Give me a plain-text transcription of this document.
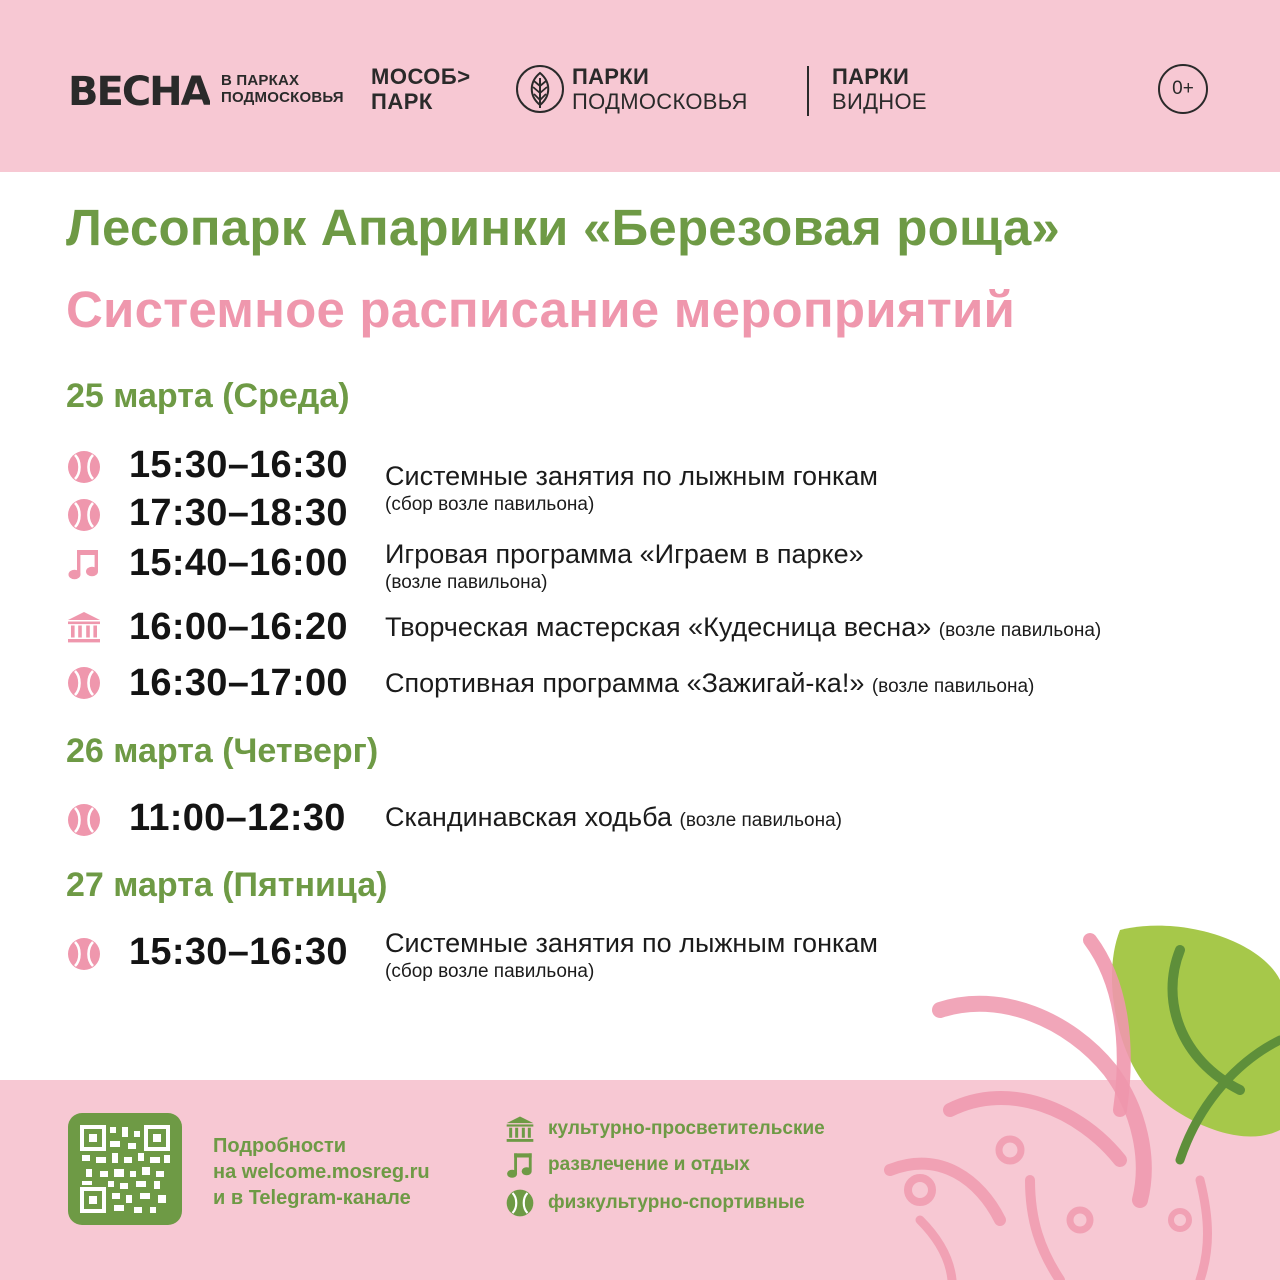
ВЕСНА В ПАРКАХ
ПОДМОСКОВЬЯ
МОСОБ>
ПАРК
ПАРКИ
ПОДМОСКОВЬЯ
ПАРКИ
ВИДНОЕ
0+
Лесопарк Апаринки «Березовая роща»
Системное расписание мероприятий
25 марта (Среда)
15:30–16:30
17:30–18:30
Системные занятия по лыжным гонкам
(сбор возле павильона)
15:40–16:00 Игровая программа «Играем в парке»
(возле павильона)
16:00–16:20 Творческая мастерская «Кудесница весна» (возле павильона)
16:30–17:00 Спортивная программа «Зажигай-ка!» (возле павильона)
26 марта (Четверг)
11:00–12:30 Скандинавская ходьба (возле павильона)
27 марта (Пятница)
15:30–16:30 Системные занятия по лыжным гонкам
(сбор возле павильона)
Подробности
на welcome.mosreg.ru
и в Telegram-канале
культурно-просветительские
развлечение и отдых
физкультурно-спортивные
